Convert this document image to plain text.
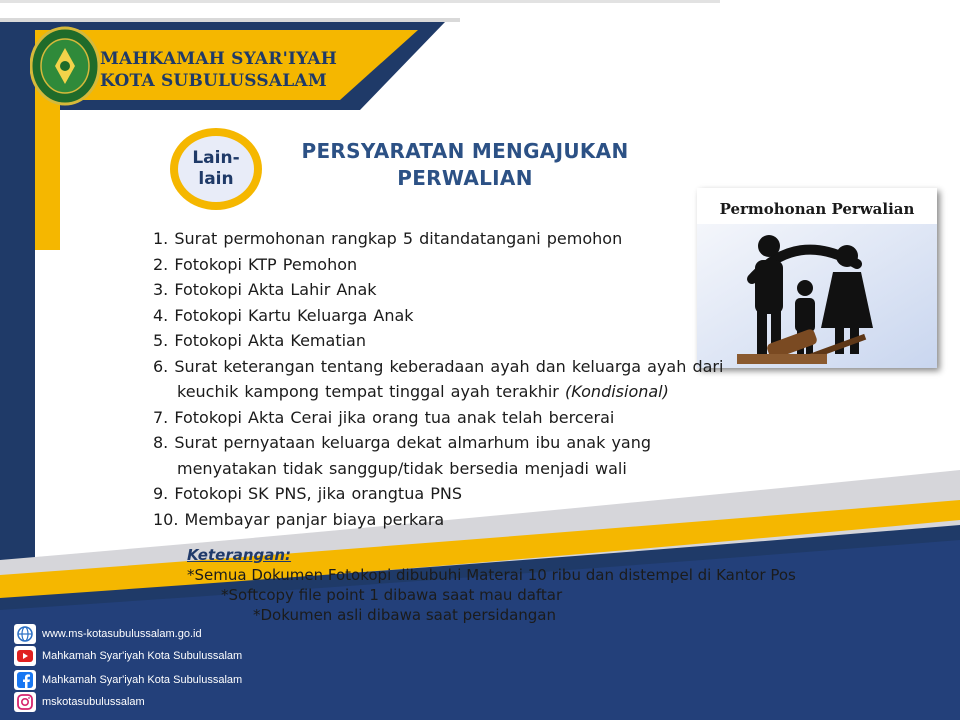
MAHKAMAH SYAR'IYAH
KOTA SUBULUSSALAM
Lain-
lain
PERSYARATAN MENGAJUKAN
PERWALIAN
Permohonan Perwalian
1. Surat permohonan rangkap 5 ditandatangani pemohon
2. Fotokopi KTP Pemohon
3. Fotokopi Akta Lahir Anak
4. Fotokopi Kartu Keluarga Anak
5. Fotokopi Akta Kematian
6. Surat keterangan tentang keberadaan ayah dan keluarga ayah dari
keuchik kampong tempat tinggal ayah terakhir (Kondisional)
7. Fotokopi Akta Cerai jika orang tua anak telah bercerai
8. Surat pernyataan keluarga dekat almarhum ibu anak yang
menyatakan tidak sanggup/tidak bersedia menjadi wali
9. Fotokopi SK PNS, jika orangtua PNS
10. Membayar panjar biaya perkara
Keterangan:
*Semua Dokumen Fotokopi dibubuhi Materai 10 ribu dan distempel di Kantor Pos
*Softcopy file point 1 dibawa saat mau daftar
*Dokumen asli dibawa saat persidangan
www.ms-kotasubulussalam.go.id
Mahkamah Syar'iyah Kota Subulussalam
Mahkamah Syar'iyah Kota Subulussalam
mskotasubulussalam
